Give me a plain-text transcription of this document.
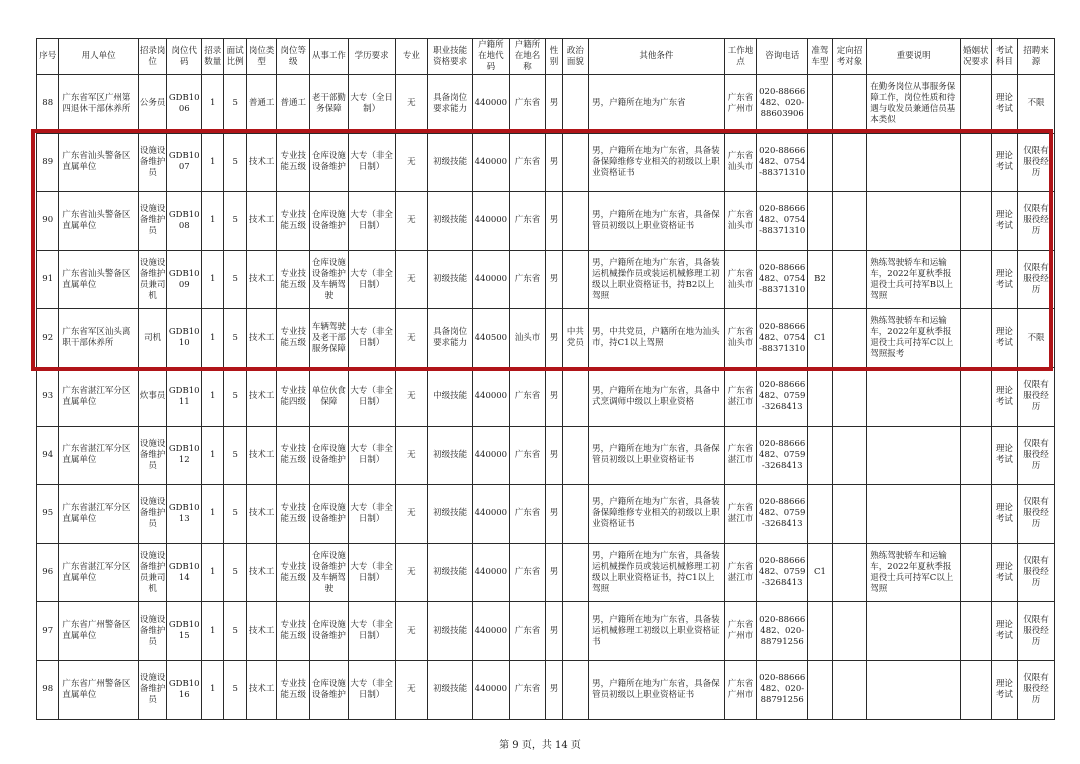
序号	用人单位	招录岗位	岗位代码	招录数量	面试比例	岗位类型	岗位等级	从事工作	学历要求	专业	职业技能资格要求	户籍所在地代码	户籍所在地名称	性别	政治面貌	其他条件	工作地点	咨询电话	准驾车型	定向招考对象	重要说明	婚姻状况要求	考试科目	招聘来源
88	广东省军区广州第四退休干部休养所	公务员	GDB1006	1	5	普通工	普通工	老干部勤务保障	大专（全日制）	无	具备岗位要求能力	440000	广东省	男		男，户籍所在地为广东省	广东省广州市	020-88666482、020-88603906			在勤务岗位从事服务保障工作，岗位性质和待遇与收发员兼通信员基本类似		理论考试	不限
89	广东省汕头警备区直属单位	设施设备维护员	GDB1007	1	5	技术工	专业技能五级	仓库设施设备维护	大专（非全日制）	无	初级技能	440000	广东省	男		男，户籍所在地为广东省，具备装备保障维修专业相关的初级以上职业资格证书	广东省汕头市	020-88666482、0754-88371310					理论考试	仅限有服役经历
90	广东省汕头警备区直属单位	设施设备维护员	GDB1008	1	5	技术工	专业技能五级	仓库设施设备维护	大专（非全日制）	无	初级技能	440000	广东省	男		男，户籍所在地为广东省，具备保管员初级以上职业资格证书	广东省汕头市	020-88666482、0754-88371310					理论考试	仅限有服役经历
91	广东省汕头警备区直属单位	设施设备维护员兼司机	GDB1009	1	5	技术工	专业技能五级	仓库设施设备维护及车辆驾驶	大专（非全日制）	无	初级技能	440000	广东省	男		男，户籍所在地为广东省，具备装运机械操作员或装运机械修理工初级以上职业资格证书，持B2以上驾照	广东省汕头市	020-88666482、0754-88371310	B2		熟练驾驶轿车和运输车，2022年夏秋季报退役士兵可持军B以上驾照		理论考试	仅限有服役经历
92	广东省军区汕头离职干部休养所	司机	GDB1010	1	5	技术工	专业技能五级	车辆驾驶及老干部服务保障	大专（非全日制）	无	具备岗位要求能力	440500	汕头市	男	中共党员	男，中共党员，户籍所在地为汕头市，持C1以上驾照	广东省汕头市	020-88666482、0754-88371310	C1		熟练驾驶轿车和运输车，2022年夏秋季报退役士兵可持军C以上驾照报考		理论考试	不限
93	广东省湛江军分区直属单位	炊事员	GDB1011	1	5	技术工	专业技能四级	单位伙食保障	大专（非全日制）	无	中级技能	440000	广东省	男		男，户籍所在地为广东省，具备中式烹调师中级以上职业资格	广东省湛江市	020-88666482、0759-3268413					理论考试	仅限有服役经历
94	广东省湛江军分区直属单位	设施设备维护员	GDB1012	1	5	技术工	专业技能五级	仓库设施设备维护	大专（非全日制）	无	初级技能	440000	广东省	男		男，户籍所在地为广东省，具备保管员初级以上职业资格证书	广东省湛江市	020-88666482、0759-3268413					理论考试	仅限有服役经历
95	广东省湛江军分区直属单位	设施设备维护员	GDB1013	1	5	技术工	专业技能五级	仓库设施设备维护	大专（非全日制）	无	初级技能	440000	广东省	男		男，户籍所在地为广东省，具备装备保障维修专业相关的初级以上职业资格证书	广东省湛江市	020-88666482、0759-3268413					理论考试	仅限有服役经历
96	广东省湛江军分区直属单位	设施设备维护员兼司机	GDB1014	1	5	技术工	专业技能五级	仓库设施设备维护及车辆驾驶	大专（非全日制）	无	初级技能	440000	广东省	男		男，户籍所在地为广东省，具备装运机械操作员或装运机械修理工初级以上职业资格证书，持C1以上驾照	广东省湛江市	020-88666482、0759-3268413	C1		熟练驾驶轿车和运输车，2022年夏秋季报退役士兵可持军C以上驾照		理论考试	仅限有服役经历
97	广东省广州警备区直属单位	设施设备维护员	GDB1015	1	5	技术工	专业技能五级	仓库设施设备维护	大专（非全日制）	无	初级技能	440000	广东省	男		男，户籍所在地为广东省，具备装运机械修理工初级以上职业资格证书	广东省广州市	020-88666482、020-88791256					理论考试	仅限有服役经历
98	广东省广州警备区直属单位	设施设备维护员	GDB1016	1	5	技术工	专业技能五级	仓库设施设备维护	大专（非全日制）	无	初级技能	440000	广东省	男		男，户籍所在地为广东省，具备保管员初级以上职业资格证书	广东省广州市	020-88666482、020-88791256					理论考试	仅限有服役经历
第 9 页，共 14 页
